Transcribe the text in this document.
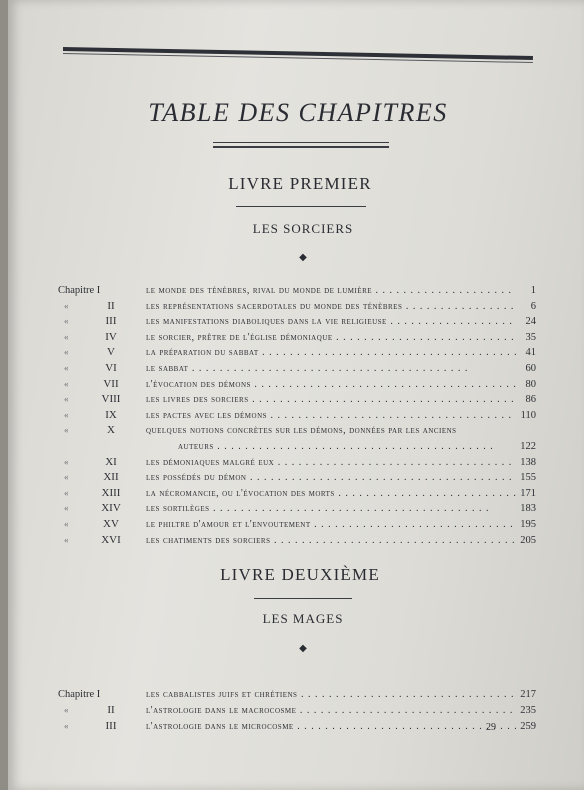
TABLE DES CHAPITRES
LIVRE PREMIER
LES SORCIERS
◆
Chapitre I	le monde des ténèbres, rival du monde de lumière . .	1
«	II	les représentations sacerdotales du monde des ténèbres . .	6
«	III	les manifestations diaboliques dans la vie religieuse . .	24
«	IV	le sorcier, prêtre de l'église démoniaque . .	35
«	V	la préparation du sabbat . .	41
«	VI	le sabbat . .	60
«	VII	l'évocation des démons . .	80
«	VIII	les livres des sorciers . .	86
«	IX	les pactes avec les démons . .	110
«	X	quelques notions concrètes sur les démons, données par les anciens
auteurs . .	122
«	XI	les démoniaques malgré eux . .	138
«	XII	les possédés du démon . .	155
«	XIII	la nécromancie, ou l'évocation des morts . .	171
«	XIV	les sortilèges . .	183
«	XV	le philtre d'amour et l'envoutement . .	195
«	XVI	les chatiments des sorciers . .	205
LIVRE DEUXIÈME
LES MAGES
◆
Chapitre I	les cabbalistes juifs et chrétiens . .	217
«	II	l'astrologie dans le macrocosme . .	235
«	III	l'astrologie dans le microcosme . .	259
29
